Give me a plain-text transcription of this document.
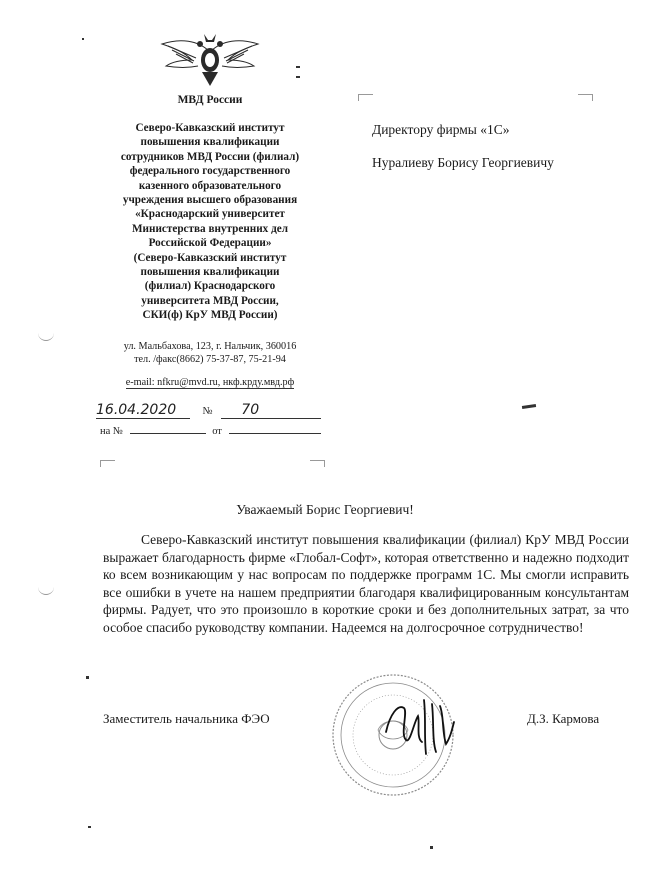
МВД России
Северо-Кавказский институт
повышения квалификации
сотрудников МВД России (филиал)
федерального государственного
казенного образовательного
учреждения высшего образования
«Краснодарский университет
Министерства внутренних дел
Российской Федерации»
(Северо-Кавказский институт
повышения квалификации
(филиал) Краснодарского
университета МВД России,
СКИ(ф) КрУ МВД России)
ул. Мальбахова, 123, г. Нальчик, 360016
тел. /факс(8662) 75-37-87, 75-21-94
e-mail: nfkru@mvd.ru, нкф.крду.мвд.рф
16.04.2020	№ 70
на №	от
Директору фирмы «1С»
Нуралиеву Борису Георгиевичу
Уважаемый Борис Георгиевич!
Северо-Кавказский институт повышения квалификации (филиал) КрУ МВД России выражает благодарность фирме «Глобал-Софт», которая ответственно и надежно подходит ко всем возникающим у нас вопросам по поддержке программ 1С. Мы смогли исправить все ошибки в учете на нашем предприятии благодаря квалифицированным консультантам фирмы. Радует, что это произошло в короткие сроки и без дополнительных затрат, за что особое спасибо руководству компании. Надеемся на долгосрочное сотрудничество!
Заместитель начальника ФЭО	Д.З. Кармова
